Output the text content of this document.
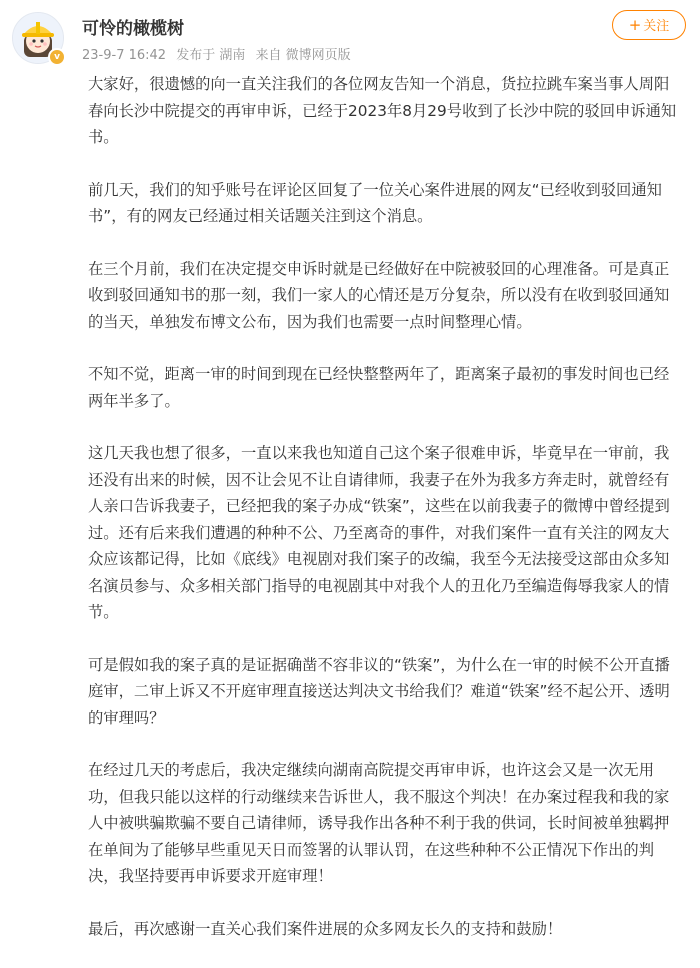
v
可怜的橄榄树
23-9-7 16:42 发布于 湖南 来自 微博网页版
+ 关注

大家好，很遗憾的向一直关注我们的各位网友告知一个消息，货拉拉跳车案当事人周阳春向长沙中院提交的再审申诉，已经于2023年8月29号收到了长沙中院的驳回申诉通知书。

前几天，我们的知乎账号在评论区回复了一位关心案件进展的网友“已经收到驳回通知书”，有的网友已经通过相关话题关注到这个消息。

在三个月前，我们在决定提交申诉时就是已经做好在中院被驳回的心理准备。可是真正收到驳回通知书的那一刻，我们一家人的心情还是万分复杂，所以没有在收到驳回通知的当天，单独发布博文公布，因为我们也需要一点时间整理心情。

不知不觉，距离一审的时间到现在已经快整整两年了，距离案子最初的事发时间也已经两年半多了。

这几天我也想了很多，一直以来我也知道自己这个案子很难申诉，毕竟早在一审前，我还没有出来的时候，因不让会见不让自请律师，我妻子在外为我多方奔走时，就曾经有人亲口告诉我妻子，已经把我的案子办成“铁案”，这些在以前我妻子的微博中曾经提到过。还有后来我们遭遇的种种不公、乃至离奇的事件，对我们案件一直有关注的网友大众应该都记得，比如《底线》电视剧对我们案子的改编，我至今无法接受这部由众多知名演员参与、众多相关部门指导的电视剧其中对我个人的丑化乃至编造侮辱我家人的情节。

可是假如我的案子真的是证据确凿不容非议的“铁案”，为什么在一审的时候不公开直播庭审，二审上诉又不开庭审理直接送达判决文书给我们？难道“铁案”经不起公开、透明的审理吗？

在经过几天的考虑后，我决定继续向湖南高院提交再审申诉，也许这会又是一次无用功，但我只能以这样的行动继续来告诉世人，我不服这个判决！在办案过程我和我的家人中被哄骗欺骗不要自己请律师，诱导我作出各种不利于我的供词，长时间被单独羁押在单间为了能够早些重见天日而签署的认罪认罚，在这些种种不公正情况下作出的判决，我坚持要再申诉要求开庭审理！

最后，再次感谢一直关心我们案件进展的众多网友长久的支持和鼓励！
